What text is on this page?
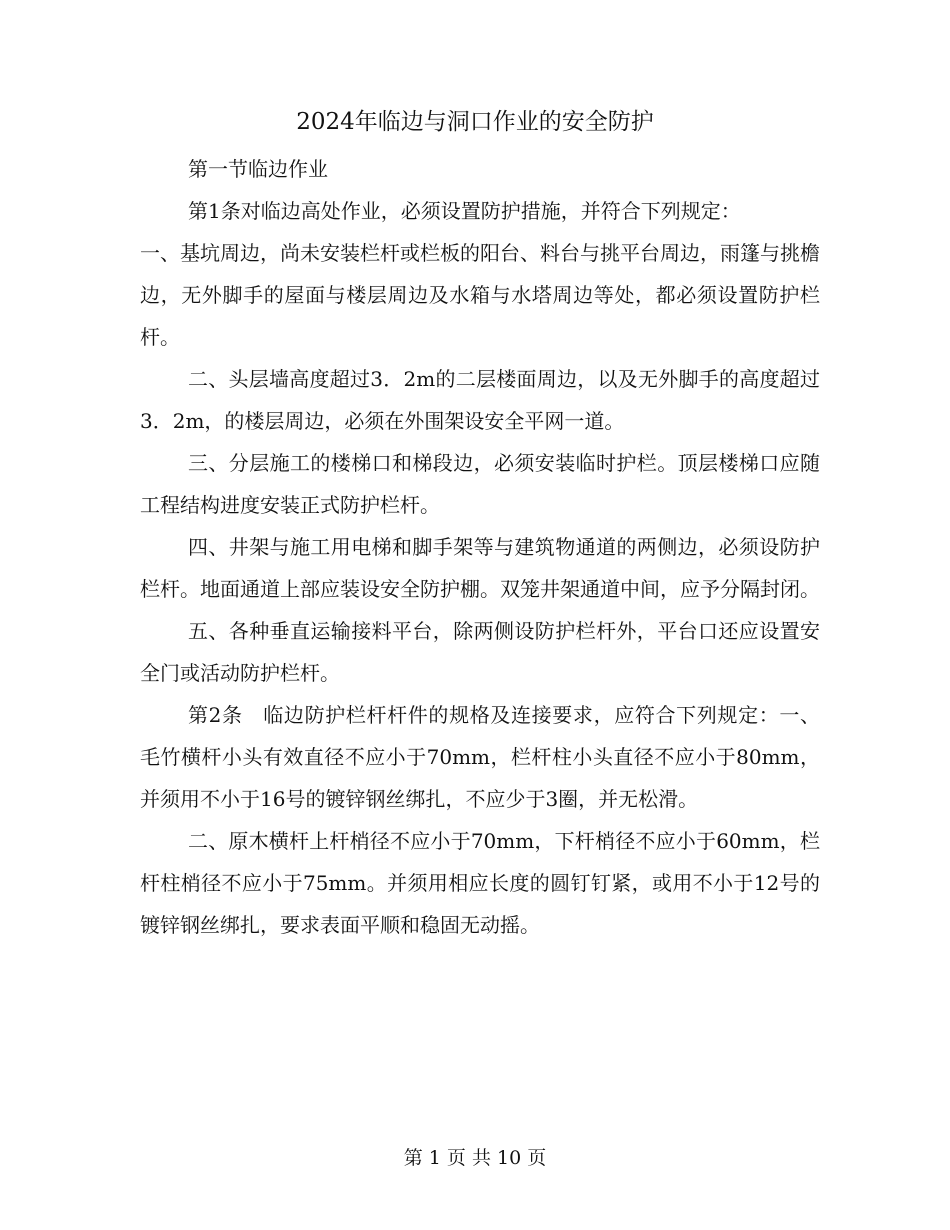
2024年临边与洞口作业的安全防护

第一节临边作业

第1条对临边高处作业，必须设置防护措施，并符合下列规定：

一、基坑周边，尚未安装栏杆或栏板的阳台、料台与挑平台周边，雨篷与挑檐边，无外脚手的屋面与楼层周边及水箱与水塔周边等处，都必须设置防护栏杆。

二、头层墙高度超过3．2m的二层楼面周边，以及无外脚手的高度超过3．2m，的楼层周边，必须在外围架设安全平网一道。

三、分层施工的楼梯口和梯段边，必须安装临时护栏。顶层楼梯口应随工程结构进度安装正式防护栏杆。

四、井架与施工用电梯和脚手架等与建筑物通道的两侧边，必须设防护栏杆。地面通道上部应装设安全防护棚。双笼井架通道中间，应予分隔封闭。

五、各种垂直运输接料平台，除两侧设防护栏杆外，平台口还应设置安全门或活动防护栏杆。

第2条　临边防护栏杆杆件的规格及连接要求，应符合下列规定：一、毛竹横杆小头有效直径不应小于70mm，栏杆柱小头直径不应小于80mm，并须用不小于16号的镀锌钢丝绑扎，不应少于3圈，并无松滑。

二、原木横杆上杆梢径不应小于70mm，下杆梢径不应小于60mm，栏杆柱梢径不应小于75mm。并须用相应长度的圆钉钉紧，或用不小于12号的镀锌钢丝绑扎，要求表面平顺和稳固无动摇。

第 1 页 共 10 页
